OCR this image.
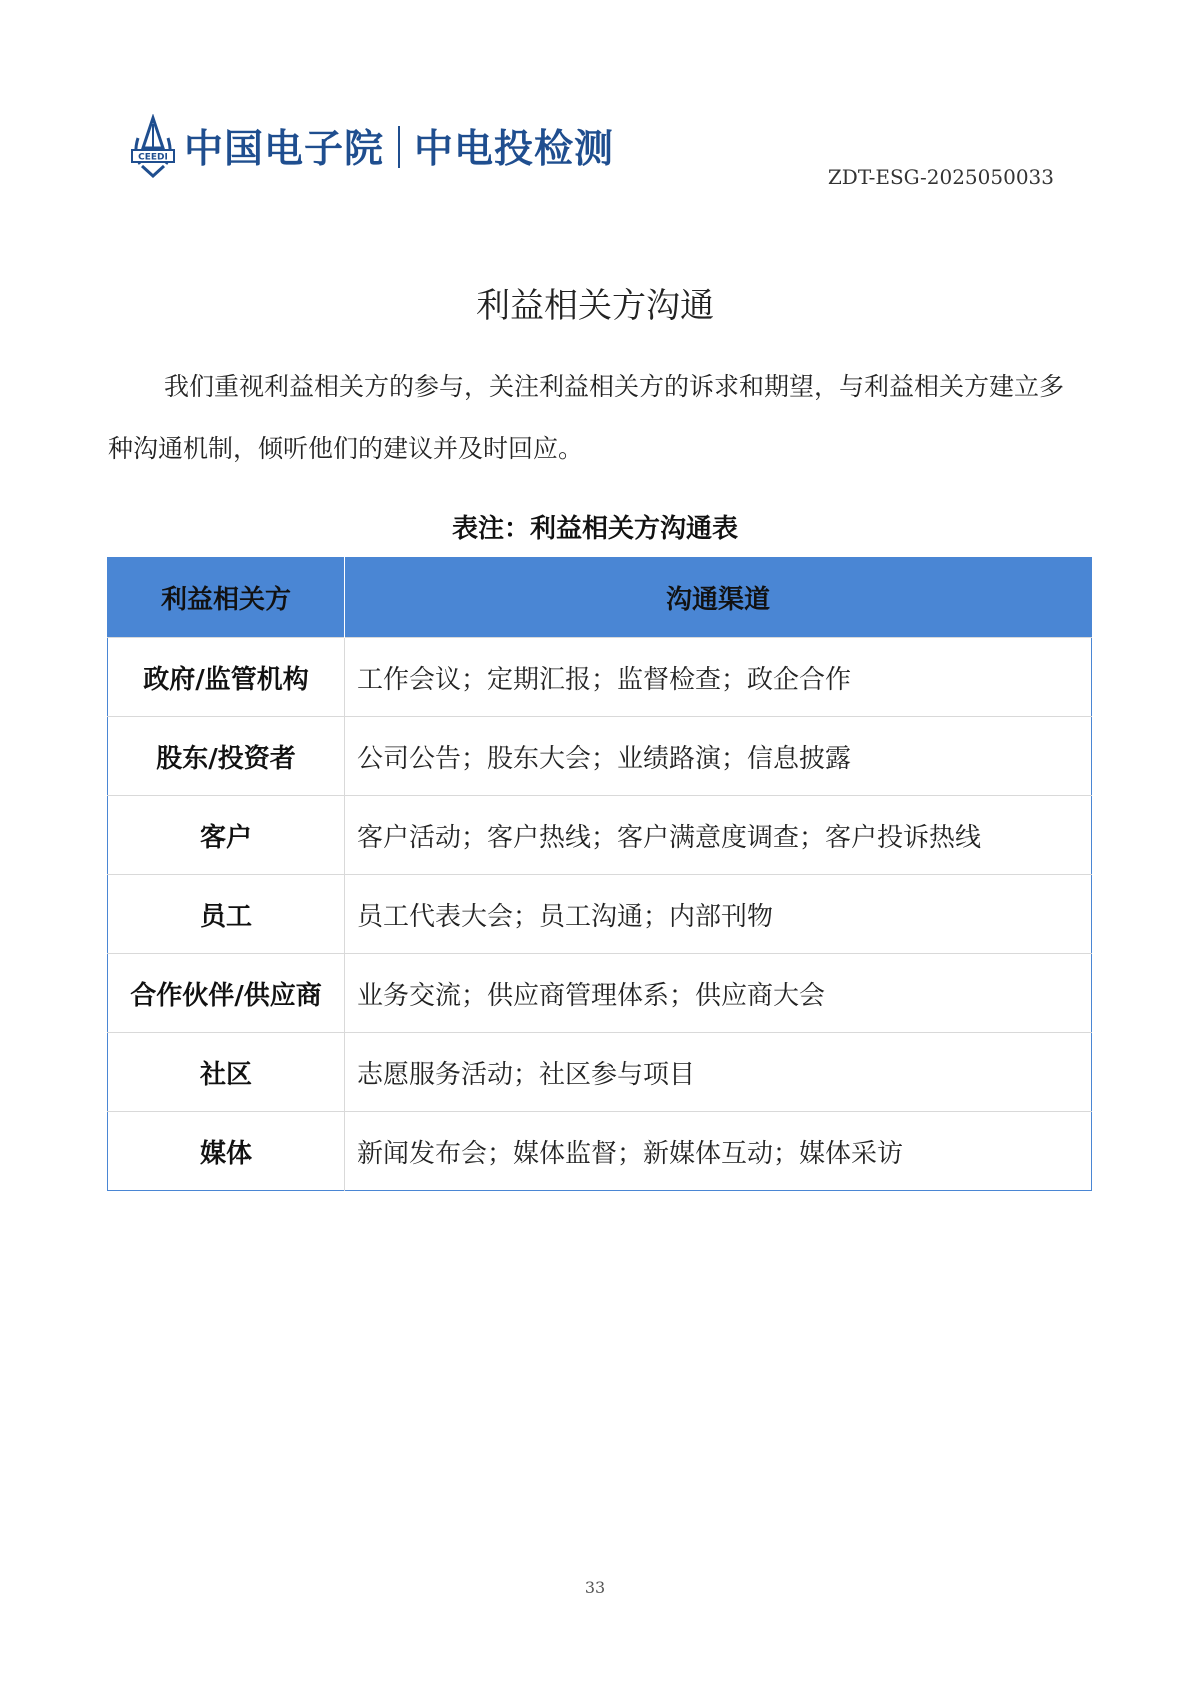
CEEDI 中国电子院 中电投检测
ZDT-ESG-2025050033
利益相关方沟通

我们重视利益相关方的参与，关注利益相关方的诉求和期望，与利益相关方建立多种沟通机制，倾听他们的建议并及时回应。

表注：利益相关方沟通表
利益相关方	沟通渠道
政府/监管机构	工作会议；定期汇报；监督检查；政企合作
股东/投资者	公司公告；股东大会；业绩路演；信息披露
客户	客户活动；客户热线；客户满意度调查；客户投诉热线
员工	员工代表大会；员工沟通；内部刊物
合作伙伴/供应商	业务交流；供应商管理体系；供应商大会
社区	志愿服务活动；社区参与项目
媒体	新闻发布会；媒体监督；新媒体互动；媒体采访
33
